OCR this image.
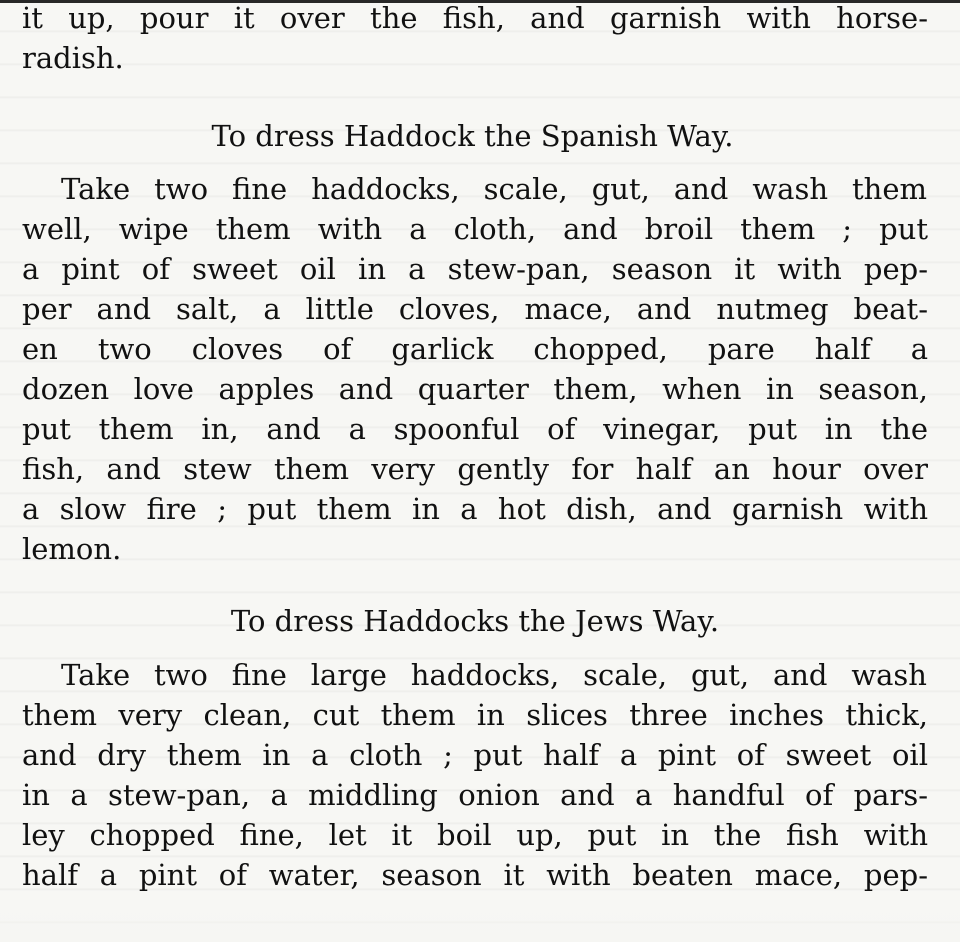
it up, pour it over the fish, and garnish with horse-

radish.

To dress Haddock the Spanish Way.

Take two fine haddocks, scale, gut, and wash them

well, wipe them with a cloth, and broil them ; put

a pint of sweet oil in a stew-pan, season it with pep-

per and salt, a little cloves, mace, and nutmeg beat-

en two cloves of garlick chopped, pare half a

dozen love apples and quarter them, when in season,

put them in, and a spoonful of vinegar, put in the

fish, and stew them very gently for half an hour over

a slow fire ; put them in a hot dish, and garnish with

lemon.

To dress Haddocks the Jews Way.

Take two fine large haddocks, scale, gut, and wash

them very clean, cut them in slices three inches thick,

and dry them in a cloth ; put half a pint of sweet oil

in a stew-pan, a middling onion and a handful of pars-

ley chopped fine, let it boil up, put in the fish with

half a pint of water, season it with beaten mace, pep-
